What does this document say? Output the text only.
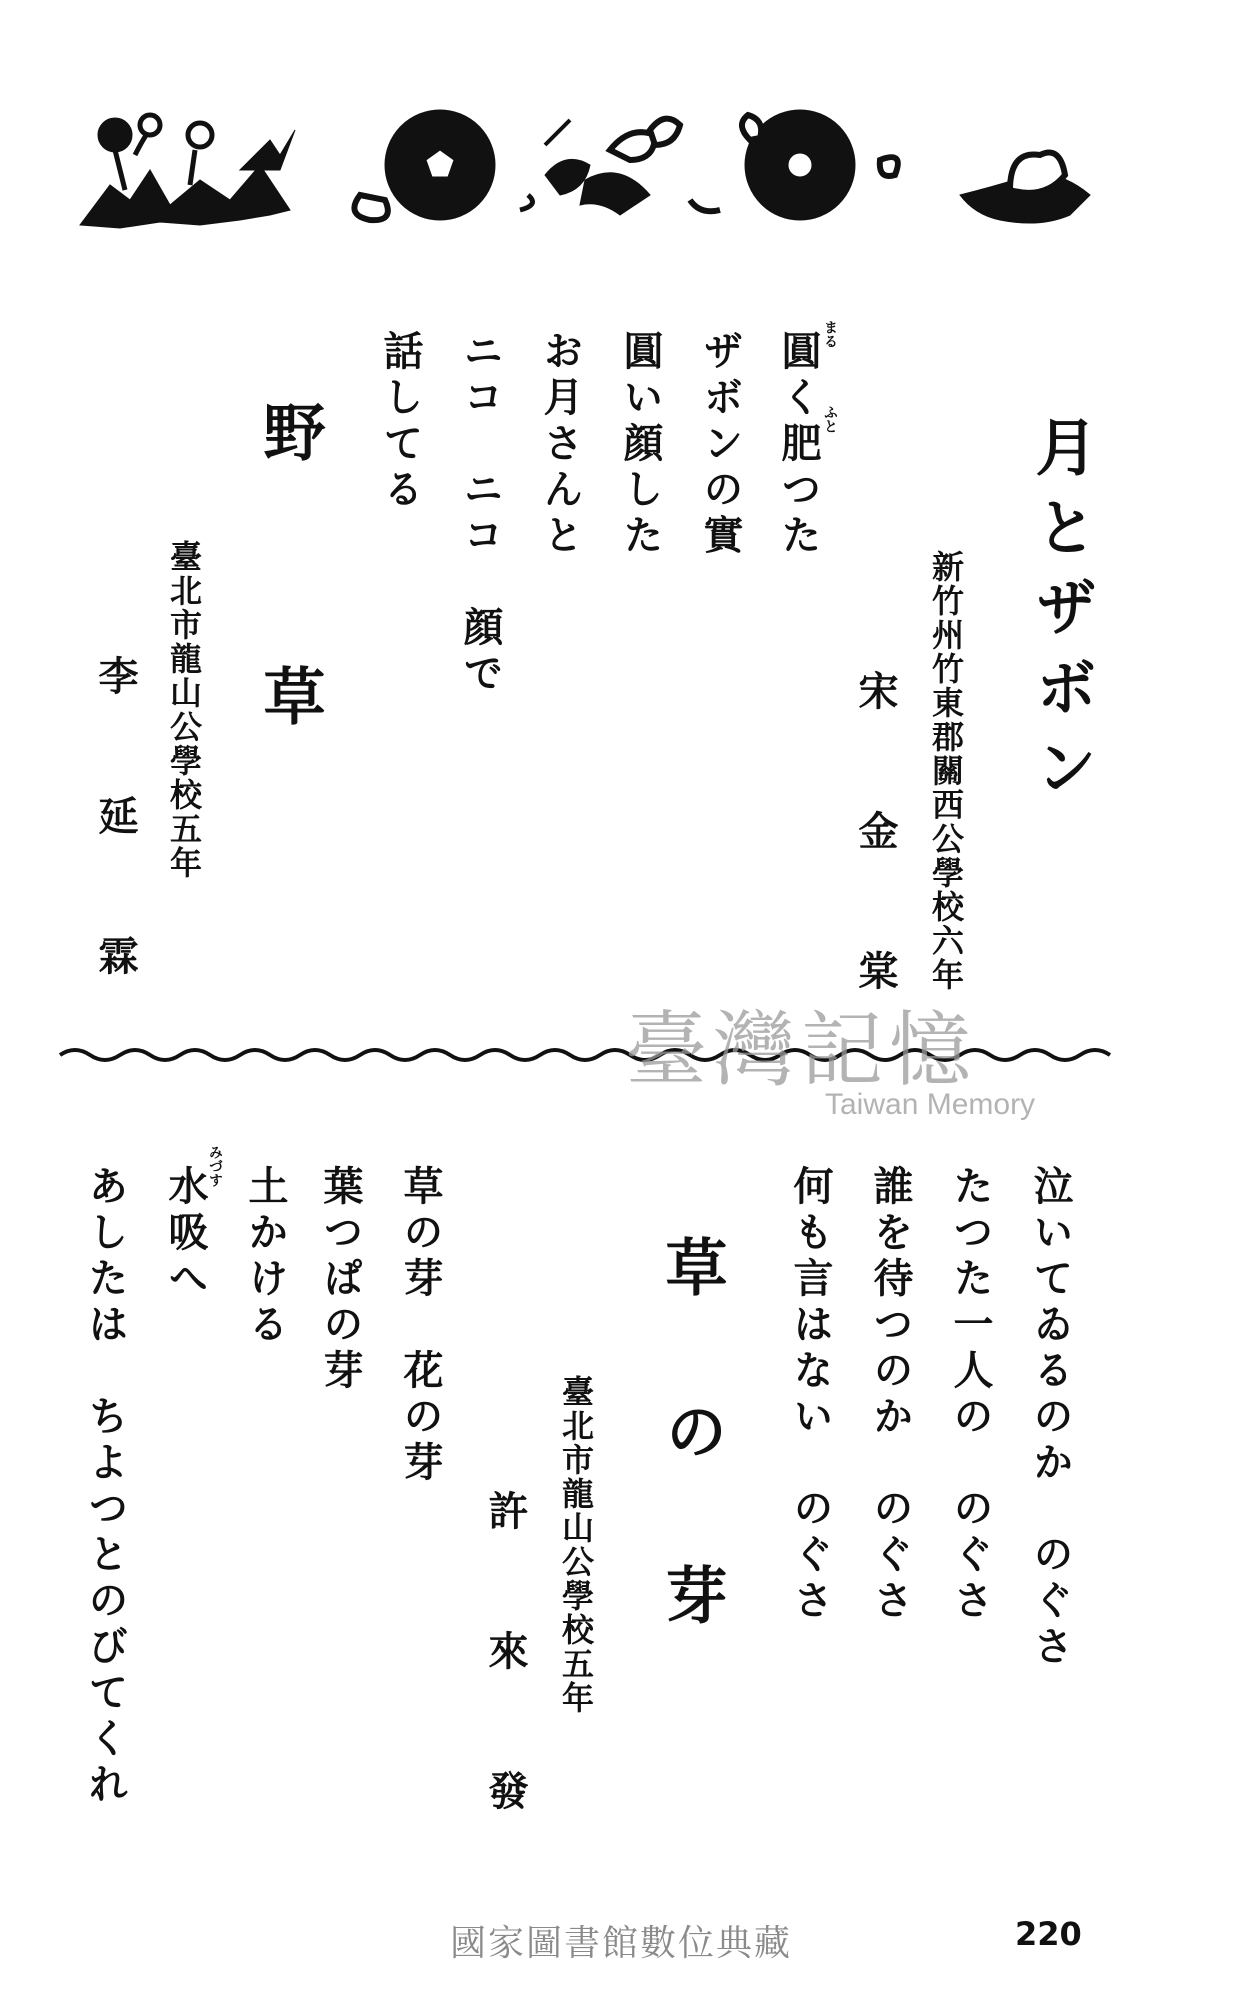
月とザボン
新竹州竹東郡關西公學校六年
宋　金　棠
圓く肥つた まる
ふと
ザボンの實
圓い顔した
お月さんと
ニコ　ニコ　顔で
話してる
野　草
臺北市龍山公學校五年
李　延　霖
臺灣記憶
Taiwan Memory
泣いてゐるのか　のぐさ
たつた一人の　のぐさ
誰を待つのか　のぐさ
何も言はない　のぐさ
草　の　芽
臺北市龍山公學校五年
許　來　發
草の芽　花の芽
葉つぱの芽
土かける
水吸へ
みづす
あしたは　ちよつとのびてくれ
國家圖書館數位典藏	220
